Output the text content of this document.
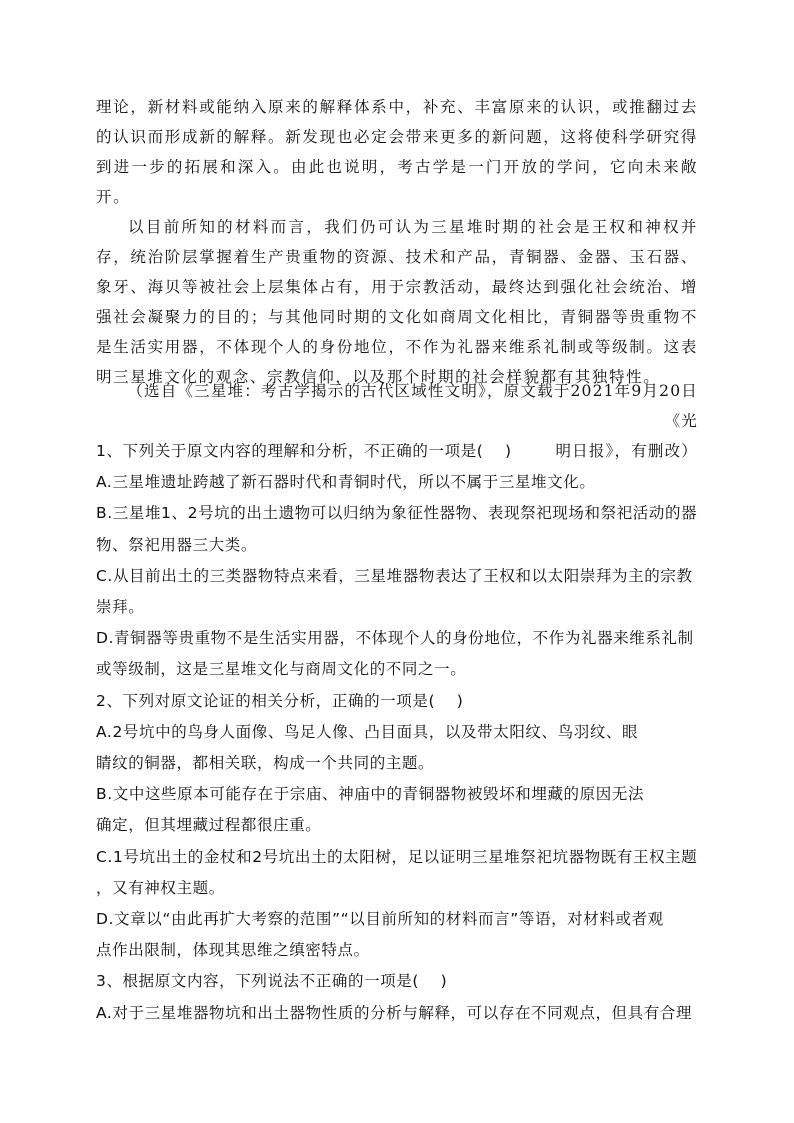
理论，新材料或能纳入原来的解释体系中，补充、丰富原来的认识，或推翻过去的认识而形成新的解释。新发现也必定会带来更多的新问题，这将使科学研究得到进一步的拓展和深入。由此也说明，考古学是一门开放的学问，它向未来敞开。

以目前所知的材料而言，我们仍可认为三星堆时期的社会是王权和神权并存，统治阶层掌握着生产贵重物的资源、技术和产品，青铜器、金器、玉石器、象牙、海贝等被社会上层集体占有，用于宗教活动，最终达到强化社会统治、增强社会凝聚力的目的；与其他同时期的文化如商周文化相比，青铜器等贵重物不是生活实用器，不体现个人的身份地位，不作为礼器来维系礼制或等级制。这表明三星堆文化的观念、宗教信仰，以及那个时期的社会样貌都有其独特性。

（选自《三星堆：考古学揭示的古代区域性文明》，原文载于2021年9月20日《光
明日报》，有删改）
1、下列关于原文内容的理解和分析，不正确的一项是(　 )
A.三星堆遗址跨越了新石器时代和青铜时代，所以不属于三星堆文化。
B.三星堆1、2号坑的出土遗物可以归纳为象征性器物、表现祭祀现场和祭祀活动的器
物、祭祀用器三大类。
C.从目前出土的三类器物特点来看，三星堆器物表达了王权和以太阳崇拜为主的宗教
崇拜。
D.青铜器等贵重物不是生活实用器，不体现个人的身份地位，不作为礼器来维系礼制
或等级制，这是三星堆文化与商周文化的不同之一。
2、下列对原文论证的相关分析，正确的一项是(　 )
A.2号坑中的鸟身人面像、鸟足人像、凸目面具，以及带太阳纹、鸟羽纹、眼
睛纹的铜器，都相关联，构成一个共同的主题。
B.文中这些原本可能存在于宗庙、神庙中的青铜器物被毁坏和埋藏的原因无法
确定，但其埋藏过程都很庄重。
C.1号坑出土的金杖和2号坑出土的太阳树，足以证明三星堆祭祀坑器物既有王权主题
，又有神权主题。
D.文章以“由此再扩大考察的范围”“以目前所知的材料而言”等语，对材料或者观
点作出限制，体现其思维之缜密特点。
3、根据原文内容，下列说法不正确的一项是(　 )
A.对于三星堆器物坑和出土器物性质的分析与解释，可以存在不同观点，但具有合理
